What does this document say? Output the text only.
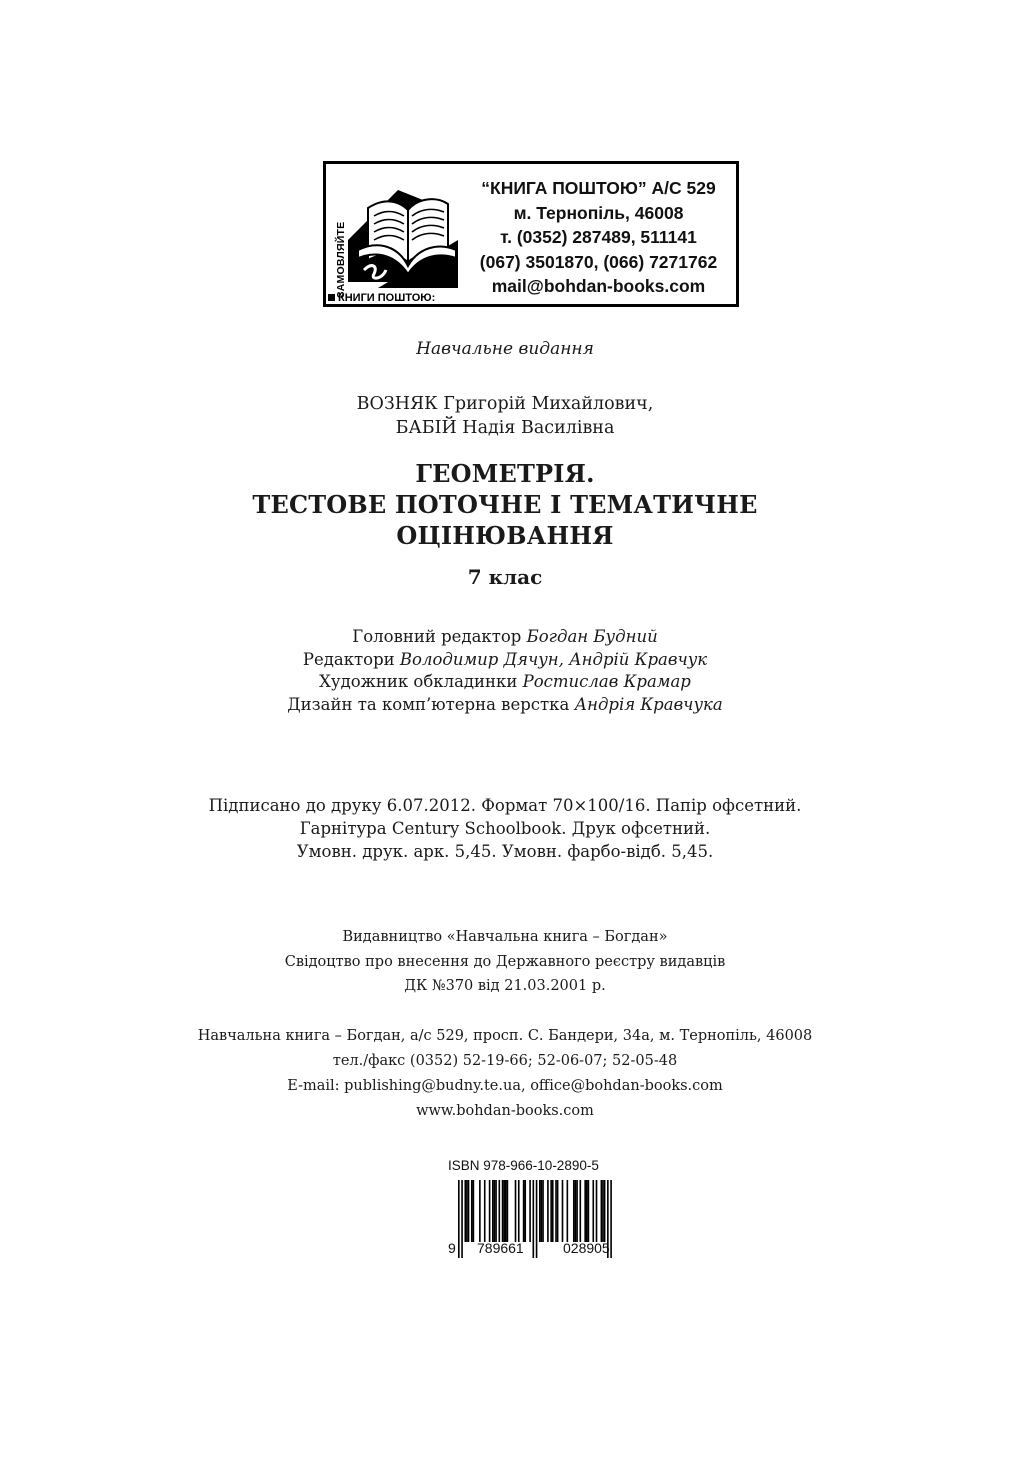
ЗАМОВЛЯЙТЕ
КНИГИ ПОШТОЮ:
“КНИГА ПОШТОЮ” А/С 529
м. Тернопіль, 46008
т. (0352) 287489, 511141
(067) 3501870, (066) 7271762
mail@bohdan-books.com
Навчальне видання
ВОЗНЯК Григорій Михайлович,
БАБІЙ Надія Василівна
ГЕОМЕТРІЯ.
ТЕСТОВЕ ПОТОЧНЕ І ТЕМАТИЧНЕ
ОЦІНЮВАННЯ
7 клас
Головний редактор Богдан Будний
Редактори Володимир Дячун, Андрій Кравчук
Художник обкладинки Ростислав Крамар
Дизайн та комп’ютерна верстка Андрія Кравчука
Підписано до друку 6.07.2012. Формат 70×100/16. Папір офсетний.
Гарнітура Century Schoolbook. Друк офсетний.
Умовн. друк. арк. 5,45. Умовн. фарбо-відб. 5,45.
Видавництво «Навчальна книга – Богдан»
Свідоцтво про внесення до Державного реєстру видавців
ДК №370 від 21.03.2001 р.
Навчальна книга – Богдан, а/с 529, просп. С. Бандери, 34а, м. Тернопіль, 46008
тел./факс (0352) 52-19-66; 52-06-07; 52-05-48
E-mail: publishing@budny.te.ua, office@bohdan-books.com
www.bohdan-books.com
ISBN 978-966-10-2890-5
9 789661	028905
